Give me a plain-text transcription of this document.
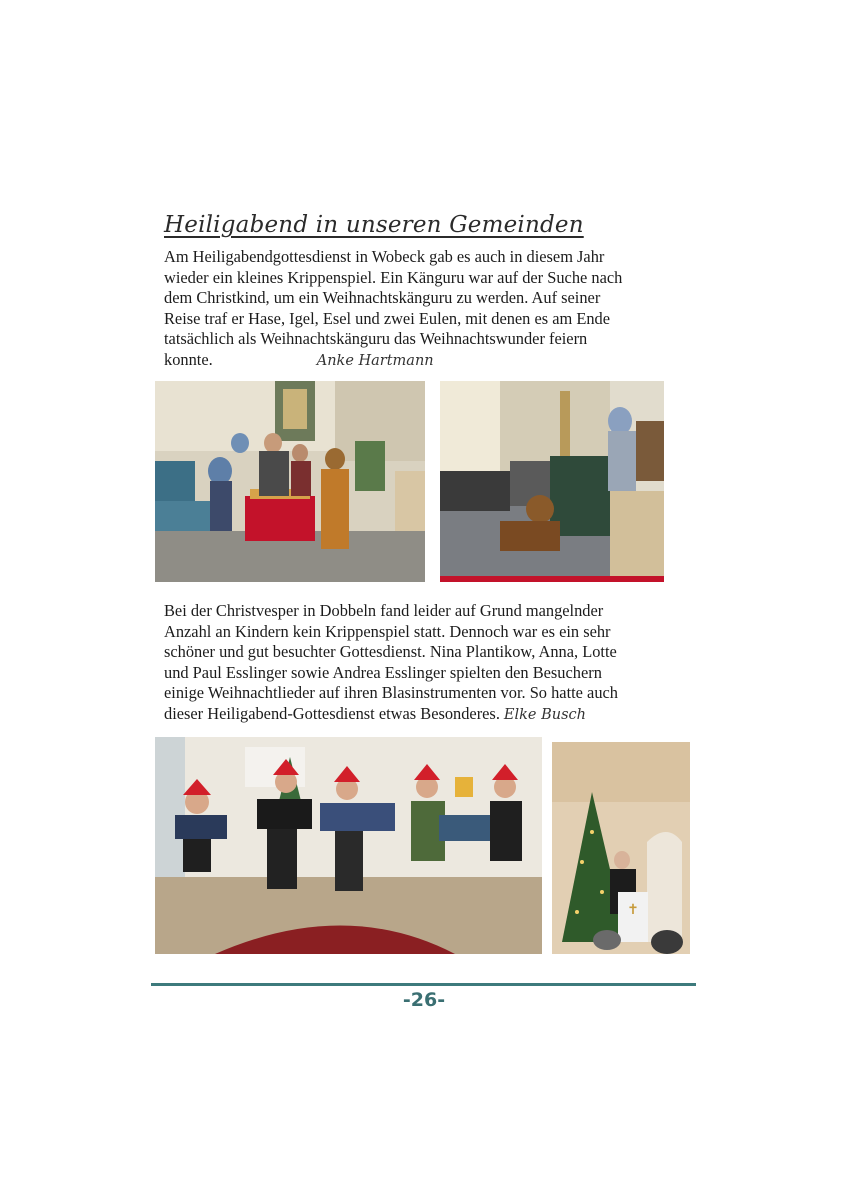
Heiligabend in unseren Gemeinden
Am Heiligabendgottesdienst in Wobeck gab es auch in diesem Jahr
wieder ein kleines Krippenspiel. Ein Känguru war auf der Suche nach
dem Christkind, um ein Weihnachtskänguru zu werden. Auf seiner
Reise traf er Hase, Igel, Esel und zwei Eulen, mit denen es am Ende
tatsächlich als Weihnachtskänguru das Weihnachtswunder feiern
konnte.	Anke Hartmann
Bei der Christvesper in Dobbeln fand leider auf Grund mangelnder
Anzahl an Kindern kein Krippenspiel statt. Dennoch war es ein sehr
schöner und gut besuchter Gottesdienst. Nina Plantikow, Anna, Lotte
und Paul Esslinger sowie Andrea Esslinger spielten den Besuchern
einige Weihnachtlieder auf ihren Blasinstrumenten vor. So hatte auch
dieser Heiligabend-Gottesdienst etwas Besonderes. Elke Busch
✝
-26-
